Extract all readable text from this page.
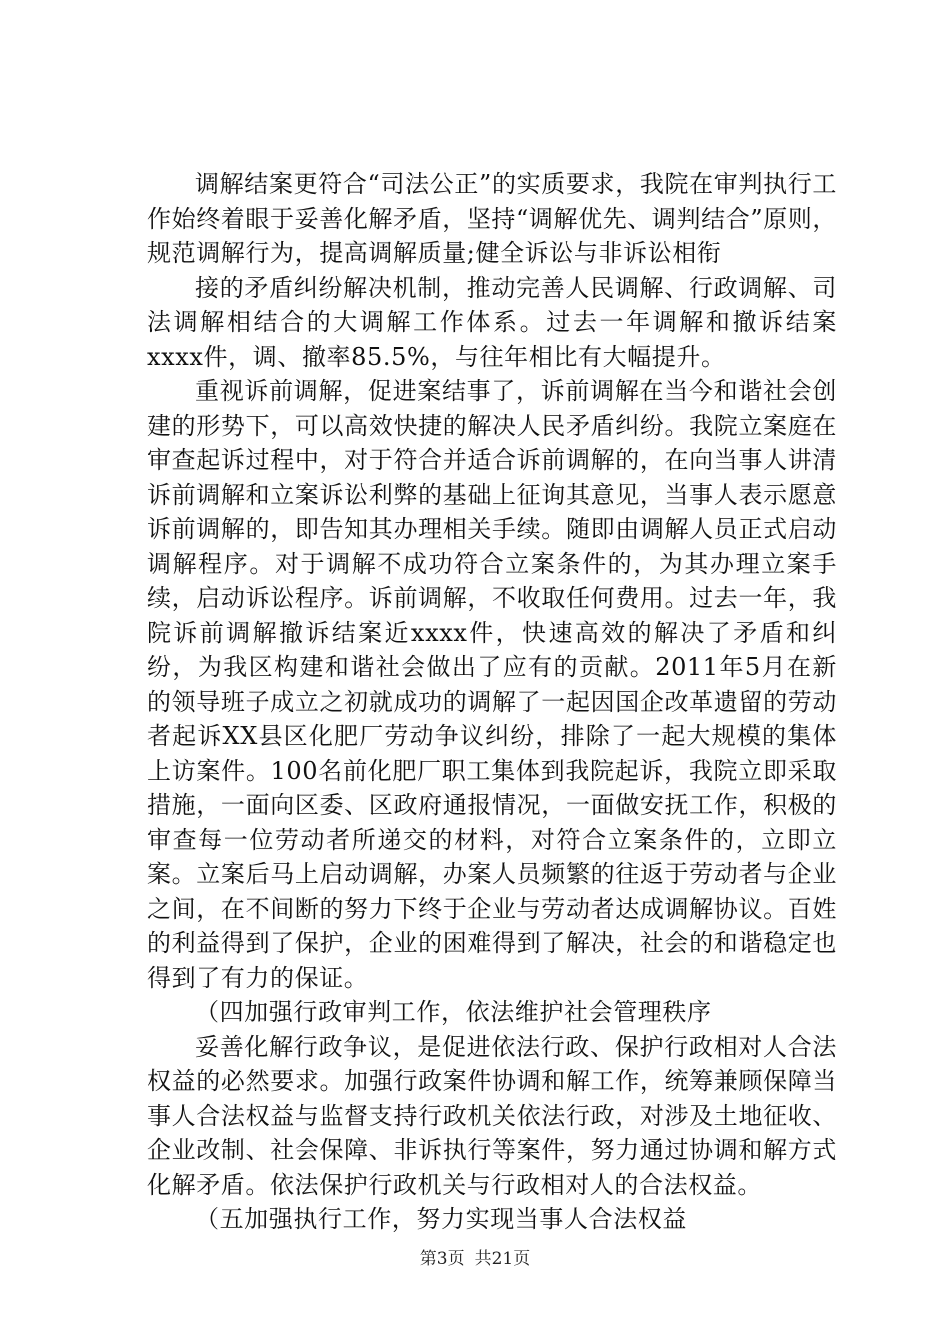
调解结案更符合“司法公正”的实质要求，我院在审判执行工作始终着眼于妥善化解矛盾，坚持“调解优先、调判结合”原则，规范调解行为，提高调解质量;健全诉讼与非诉讼相衔

接的矛盾纠纷解决机制，推动完善人民调解、行政调解、司法调解相结合的大调解工作体系。过去一年调解和撤诉结案xxxx件，调、撤率85.5%，与往年相比有大幅提升。

重视诉前调解，促进案结事了，诉前调解在当今和谐社会创建的形势下，可以高效快捷的解决人民矛盾纠纷。我院立案庭在审查起诉过程中，对于符合并适合诉前调解的，在向当事人讲清诉前调解和立案诉讼利弊的基础上征询其意见，当事人表示愿意诉前调解的，即告知其办理相关手续。随即由调解人员正式启动调解程序。对于调解不成功符合立案条件的，为其办理立案手续，启动诉讼程序。诉前调解，不收取任何费用。过去一年，我院诉前调解撤诉结案近xxxx件，快速高效的解决了矛盾和纠纷，为我区构建和谐社会做出了应有的贡献。2011年5月在新的领导班子成立之初就成功的调解了一起因国企改革遗留的劳动者起诉XX县区化肥厂劳动争议纠纷，排除了一起大规模的集体上访案件。100名前化肥厂职工集体到我院起诉，我院立即采取措施，一面向区委、区政府通报情况，一面做安抚工作，积极的审查每一位劳动者所递交的材料，对符合立案条件的，立即立案。立案后马上启动调解，办案人员频繁的往返于劳动者与企业之间，在不间断的努力下终于企业与劳动者达成调解协议。百姓的利益得到了保护，企业的困难得到了解决，社会的和谐稳定也得到了有力的保证。

（四加强行政审判工作，依法维护社会管理秩序

妥善化解行政争议，是促进依法行政、保护行政相对人合法权益的必然要求。加强行政案件协调和解工作，统筹兼顾保障当事人合法权益与监督支持行政机关依法行政，对涉及土地征收、企业改制、社会保障、非诉执行等案件，努力通过协调和解方式化解矛盾。依法保护行政机关与行政相对人的合法权益。

（五加强执行工作，努力实现当事人合法权益

第3页 共21页
